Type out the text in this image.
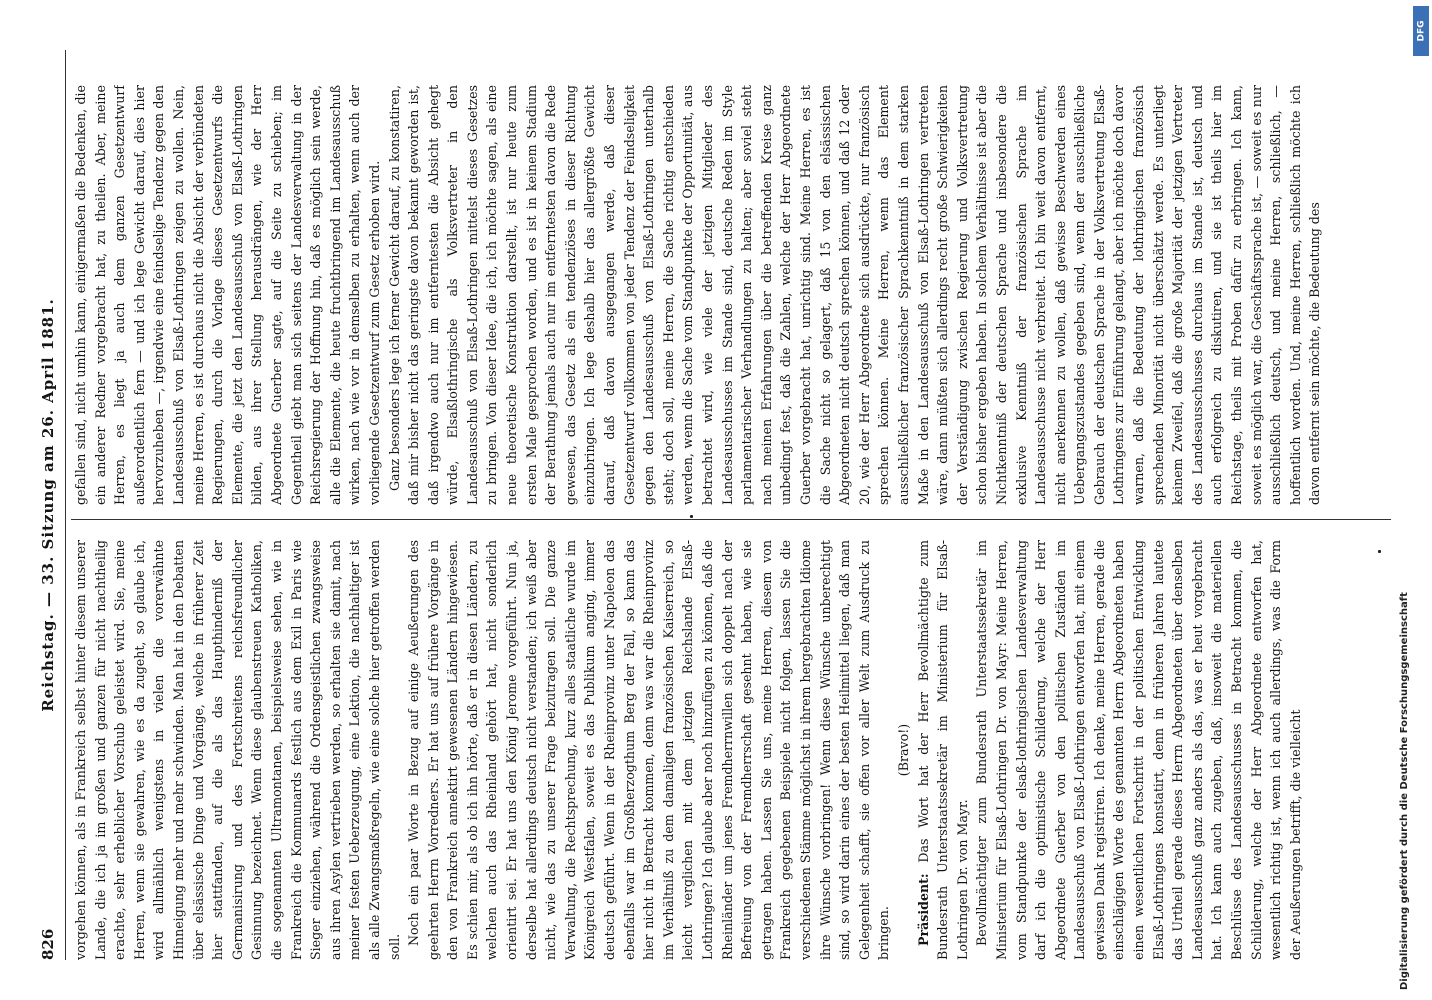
826
Reichstag. — 33. Sitzung am 26. April 1881.

vorgehen können, als in Frankreich selbst hinter diesem unserer Lande, die ich ja im großen und ganzen für nicht nachtheilig erachte, sehr erheblicher Vorschub geleistet wird. Sie, meine Herren, wenn sie gewahren, wie es da zugeht, so glaube ich, wird allmählich wenigstens in vielen die vorerwähnte Hinneigung mehr und mehr schwinden. Man hat in den Debatten über elsässische Dinge und Vorgänge, welche in früherer Zeit hier stattfanden, auf die als das Haupthinderniß der Germanisirung und des Fortschreitens reichsfreundlicher Gesinnung bezeichnet. Wenn diese glaubenstreuen Katholiken, die sogenannten Ultramontanen, beispielsweise sehen, wie in Frankreich die Kommunards festlich aus dem Exil in Paris wie Sieger einziehen, während die Ordensgeistlichen zwangsweise aus ihren Asylen vertrieben werden, so erhalten sie damit, nach meiner festen Ueberzeugung, eine Lektion, die nachhaltiger ist als alle Zwangsmaßregeln, wie eine solche hier getroffen werden soll.

Noch ein paar Worte in Bezug auf einige Aeußerungen des geehrten Herrn Vorredners. Er hat uns auf frühere Vorgänge in den von Frankreich annektirt gewesenen Ländern hingewiesen. Es schien mir, als ob ich ihn hörte, daß er in diesen Ländern, zu welchen auch das Rheinland gehört hat, nicht sonderlich orientirt sei. Er hat uns den König Jerome vorgeführt. Nun ja, derselbe hat allerdings deutsch nicht verstanden; ich weiß aber nicht, wie das zu unserer Frage beizutragen soll. Die ganze Verwaltung, die Rechtsprechung, kurz alles staatliche wurde im Königreich Westfalen, soweit es das Publikum anging, immer deutsch geführt. Wenn in der Rheinprovinz unter Napoleon das ebenfalls war im Großherzogthum Berg der Fall, so kann das hier nicht in Betracht kommen, denn was war die Rheinprovinz im Verhältniß zu dem damaligen französischen Kaiserreich, so leicht verglichen mit dem jetzigen Reichslande Elsaß-Lothringen? Ich glaube aber noch hinzufügen zu können, daß die Rheinländer um jenes Fremdherrnwillen sich doppelt nach der Befreiung von der Fremdherrschaft gesehnt haben, wie sie getragen haben. Lassen Sie uns, meine Herren, diesem von Frankreich gegebenen Beispiele nicht folgen, lassen Sie die verschiedenen Stämme möglichst in ihrem hergebrachten Idiome ihre Wünsche vorbringen! Wenn diese Wünsche unberechtigt sind, so wird darin eines der besten Heilmittel liegen, daß man Gelegenheit schafft, sie offen vor aller Welt zum Ausdruck zu bringen.

(Bravo!)

Präsident: Das Wort hat der Herr Bevollmächtigte zum Bundesrath Unterstaatssekretär im Ministerium für Elsaß-Lothringen Dr. von Mayr. Bevollmächtigter zum Bundesrath Unterstaatssekretär im Ministerium für Elsaß-Lothringen Dr. von Mayr: Meine Herren, vom Standpunkte der elsaß-lothringischen Landesverwaltung darf ich die optimistische Schilderung, welche der Herr Abgeordnete Guerber von den politischen Zuständen im Landesausschuß von Elsaß-Lothringen entworfen hat, mit einem gewissen Dank registriren. Ich denke, meine Herren, gerade die einschlägigen Worte des genannten Herrn Abgeordneten haben einen wesentlichen Fortschritt in der politischen Entwicklung Elsaß-Lothringens konstatirt, denn in früheren Jahren lautete das Urtheil gerade dieses Herrn Abgeordneten über denselben Landesausschuß ganz anders als das, was er heut vorgebracht hat. Ich kann auch zugeben, daß, insoweit die materiellen Beschlüsse des Landesausschusses in Betracht kommen, die Schilderung, welche der Herr Abgeordnete entworfen hat, wesentlich richtig ist, wenn ich auch allerdings, was die Form der Aeußerungen betrifft, die vielleicht

gefallen sind, nicht umhin kann, einigermaßen die Bedenken, die ein anderer Redner vorgebracht hat, zu theilen. Aber, meine Herren, es liegt ja auch dem ganzen Gesetzentwurf außerordentlich fern — und ich lege Gewicht darauf, dies hier hervorzuheben —, irgendwie eine feindselige Tendenz gegen den Landesausschuß von Elsaß-Lothringen zeigen zu wollen. Nein, meine Herren, es ist durchaus nicht die Absicht der verbündeten Regierungen, durch die Vorlage dieses Gesetzentwurfs die Elemente, die jetzt den Landesausschuß von Elsaß-Lothringen bilden, aus ihrer Stellung herausdrängen, wie der Herr Abgeordnete Guerber sagte, auf die Seite zu schieben; im Gegentheil giebt man sich seitens der Landesverwaltung in der Reichsregierung der Hoffnung hin, daß es möglich sein werde, alle die Elemente, die heute fruchtbringend im Landesausschuß wirken, nach wie vor in demselben zu erhalten, wenn auch der vorliegende Gesetzentwurf zum Gesetz erhoben wird. Ganz besonders lege ich ferner Gewicht darauf, zu konstatiren, daß mir bisher nicht das geringste davon bekannt geworden ist, daß irgendwo auch nur im entferntesten die Absicht gehegt würde, Elsaßlothringische als Volksvertreter in den Landesausschuß von Elsaß-Lothringen mittelst dieses Gesetzes zu bringen. Von dieser Idee, die ich, ich möchte sagen, als eine neue theoretische Konstruktion darstellt, ist nur heute zum ersten Male gesprochen worden, und es ist in keinem Stadium der Berathung jemals auch nur im entferntesten davon die Rede gewesen, das Gesetz als ein tendenziöses in dieser Richtung einzubringen. Ich lege deshalb hier das allergrößte Gewicht darauf, daß davon ausgegangen werde, daß dieser Gesetzentwurf vollkommen von jeder Tendenz der Feindseligkeit gegen den Landesausschuß von Elsaß-Lothringen unterhalb steht; doch soll, meine Herren, die Sache richtig entschieden werden, wenn die Sache vom Standpunkte der Opportunität, aus betrachtet wird, wie viele der jetzigen Mitglieder des Landesausschusses im Stande sind, deutsche Reden im Style parlamentarischer Verhandlungen zu halten; aber soviel steht nach meinen Erfahrungen über die betreffenden Kreise ganz unbedingt fest, daß die Zahlen, welche der Herr Abgeordnete Guerber vorgebracht hat, unrichtig sind. Meine Herren, es ist die Sache nicht so gelagert, daß 15 von den elsässischen Abgeordneten nicht deutsch sprechen können, und daß 12 oder 20, wie der Herr Abgeordnete sich ausdrückte, nur französisch sprechen können. Meine Herren, wenn das Element ausschließlicher französischer Sprachkenntniß in dem starken Maße in den Landesausschuß von Elsaß-Lothringen vertreten wäre, dann müßten sich allerdings recht große Schwierigkeiten der Verständigung zwischen Regierung und Volksvertretung schon bisher ergeben haben. In solchem Verhältnisse ist aber die Nichtkenntniß der deutschen Sprache und insbesondere die exklusive Kenntniß der französischen Sprache im Landesausschusse nicht verbreitet. Ich bin weit davon entfernt, nicht anerkennen zu wollen, daß gewisse Beschwerden eines Uebergangszustandes gegeben sind, wenn der ausschließliche Gebrauch der deutschen Sprache in der Volksvertretung Elsaß-Lothringens zur Einführung gelangt, aber ich möchte doch davor warnen, daß die Bedeutung der lothringischen französisch sprechenden Minorität nicht überschätzt werde. Es unterliegt keinem Zweifel, daß die große Majorität der jetzigen Vertreter des Landesausschusses durchaus im Stande ist, deutsch und auch erfolgreich zu diskutiren, und sie ist theils hier im Reichstage, theils mit Proben dafür zu erbringen. Ich kann, soweit es möglich war, die Geschäftssprache ist, — soweit es nur ausschließlich deutsch, und meine Herren, schließlich, — hoffentlich worden. Und, meine Herren, schließlich möchte ich davon entfernt sein möchte, die Bedeutung des

Digitalisierung gefördert durch die Deutsche Forschungsgemeinschaft
DFG
